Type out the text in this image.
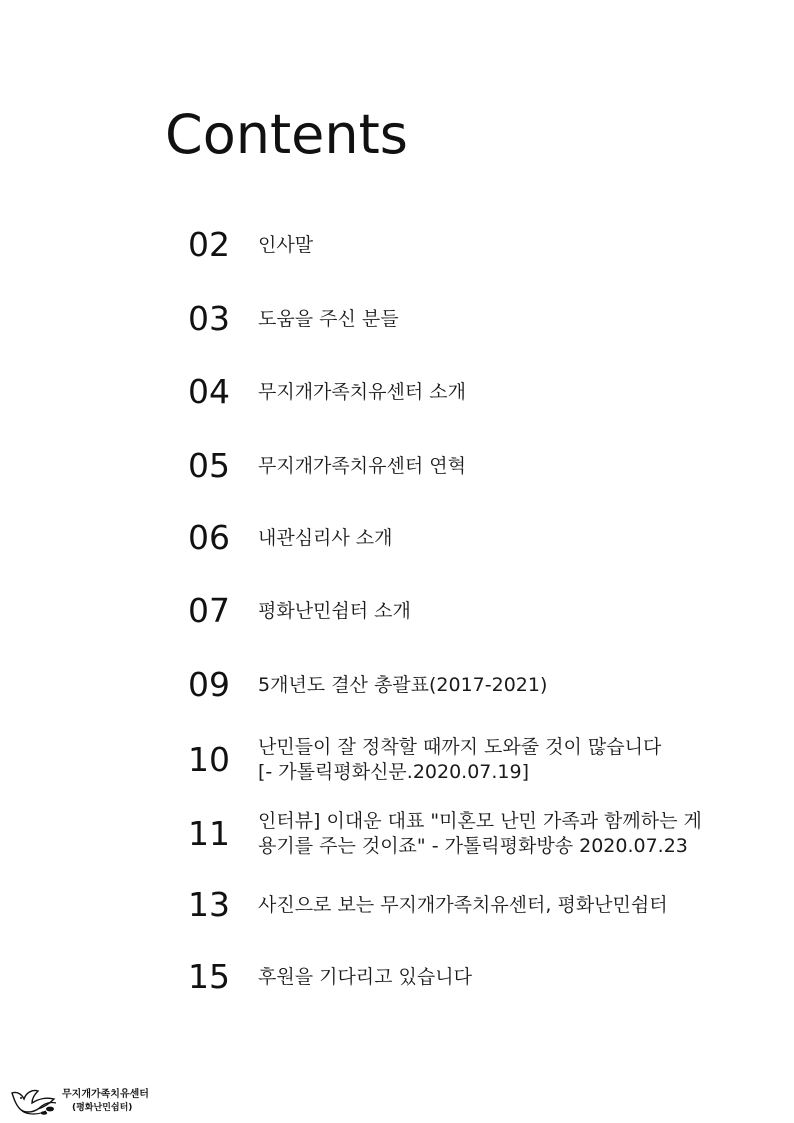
Contents
02	인사말
03	도움을 주신 분들
04	무지개가족치유센터 소개
05	무지개가족치유센터 연혁
06	내관심리사 소개
07	평화난민쉼터 소개
09	5개년도 결산 총괄표(2017-2021)
10	난민들이 잘 정착할 때까지 도와줄 것이 많습니다
[- 가톨릭평화신문.2020.07.19]
11	인터뷰] 이대운 대표 "미혼모 난민 가족과 함께하는 게
용기를 주는 것이죠" - 가톨릭평화방송 2020.07.23
13	사진으로 보는 무지개가족치유센터, 평화난민쉼터
15	후원을 기다리고 있습니다
무지개가족치유센터
(평화난민쉼터)
